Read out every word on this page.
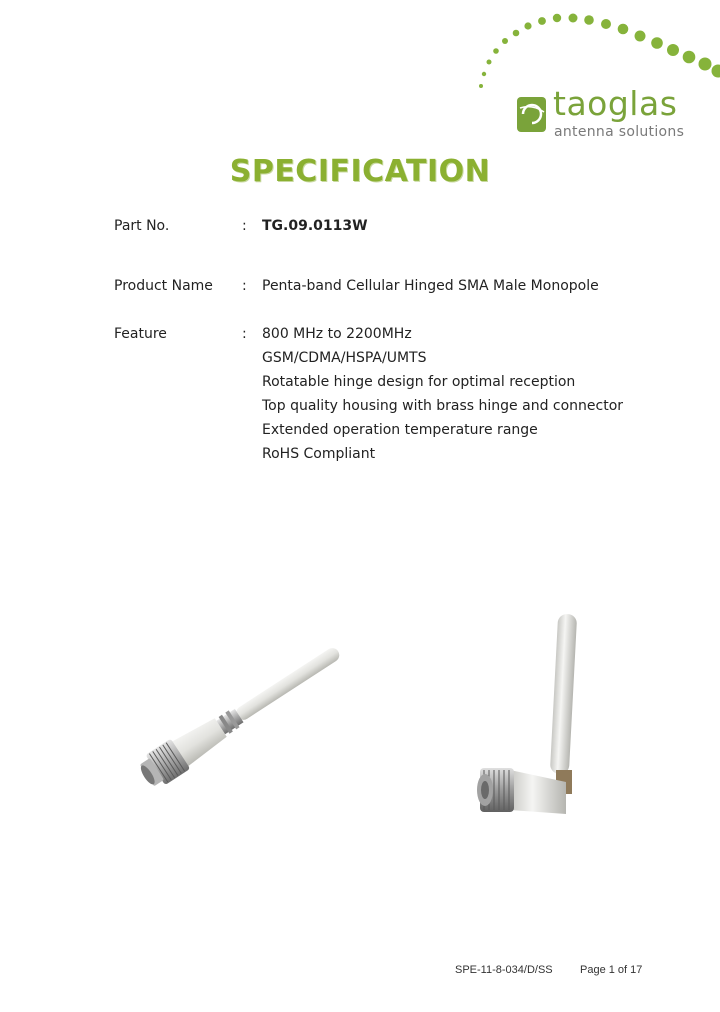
taoglas
antenna solutions
SPECIFICATION
Part No.	: TG.09.0113W
Product Name : Penta-band Cellular Hinged SMA Male Monopole
Feature	: 800 MHz to 2200MHz
GSM/CDMA/HSPA/UMTS
Rotatable hinge design for optimal reception
Top quality housing with brass hinge and connector
Extended operation temperature range
RoHS Compliant
SPE-11-8-034/D/SS Page 1 of 17
